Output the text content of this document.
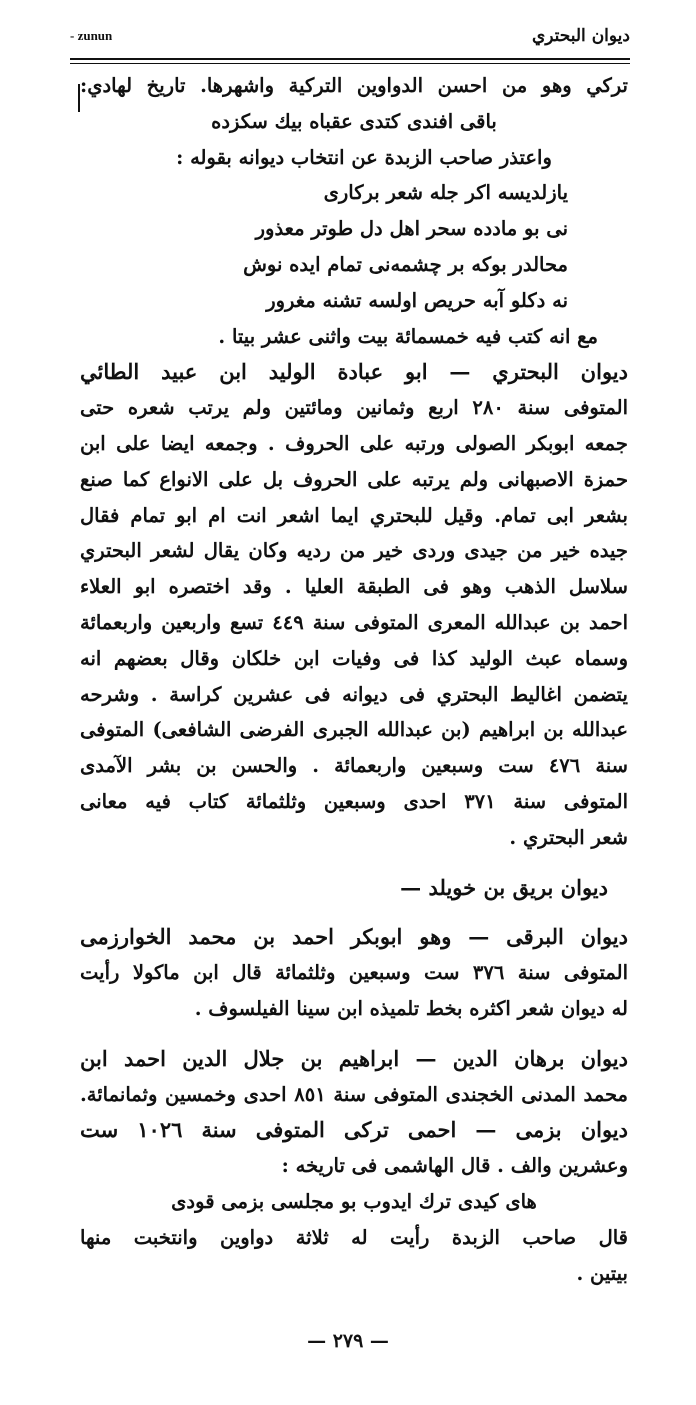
ديوان البحتري
- zunun
تركي وهو من احسن الدواوين التركية واشهرها. تاريخ لهادي:
باقى افندى كتدى عقباه بيك سكزده
واعتذر صاحب الزبدة عن انتخاب ديوانه بقوله :
يازلديسه اكر جله شعر بركارى
نى بو مادده سحر اهل دل طوتر معذور
محالدر بوكه بر چشمه‌نى تمام ايده نوش
نه دكلو آبه حريص اولسه تشنه مغرور
مع انه كتب فيه خمسمائة بيت واثنى عشر بيتا .
ديوان البحتري — ابو عبادة الوليد ابن عبيد الطائي
المتوفى سنة ٢٨٠ اربع وثمانين ومائتين ولم يرتب شعره حتى
جمعه ابوبكر الصولى ورتبه على الحروف . وجمعه ايضا على ابن
حمزة الاصبهانى ولم يرتبه على الحروف بل على الانواع كما صنع
بشعر ابى تمام. وقيل للبحتري ايما اشعر انت ام ابو تمام فقال
جيده خير من جيدى وردى خير من رديه وكان يقال لشعر البحتري
سلاسل الذهب وهو فى الطبقة العليا . وقد اختصره ابو العلاء
احمد بن عبدالله المعرى المتوفى سنة ٤٤٩ تسع واربعين واربعمائة
وسماه عبث الوليد كذا فى وفيات ابن خلكان وقال بعضهم انه
يتضمن اغاليط البحتري فى ديوانه فى عشرين كراسة . وشرحه
عبدالله بن ابراهيم (بن عبدالله الجبرى الفرضى الشافعى) المتوفى
سنة ٤٧٦ ست وسبعين واربعمائة . والحسن بن بشر الآمدى
المتوفى سنة ٣٧١ احدى وسبعين وثلثمائة كتاب فيه معانى
شعر البحتري .
ديوان بريق بن خويلد —
ديوان البرقى — وهو ابوبكر احمد بن محمد الخوارزمى
المتوفى سنة ٣٧٦ ست وسبعين وثلثمائة قال ابن ماكولا رأيت
له ديوان شعر اكثره بخط تلميذه ابن سينا الفيلسوف .
ديوان برهان الدين — ابراهيم بن جلال الدين احمد ابن
محمد المدنى الخجندى المتوفى سنة ٨٥١ احدى وخمسين وثمانمائة.
ديوان بزمى — احمى تركى المتوفى سنة ١٠٢٦ ست
وعشرين والف . قال الهاشمى فى تاريخه :
هاى كيدى ترك ايدوب بو مجلسى بزمى قودى
قال صاحب الزبدة رأيت له ثلاثة دواوين وانتخبت منها
بيتين .
— ٢٧٩ —
